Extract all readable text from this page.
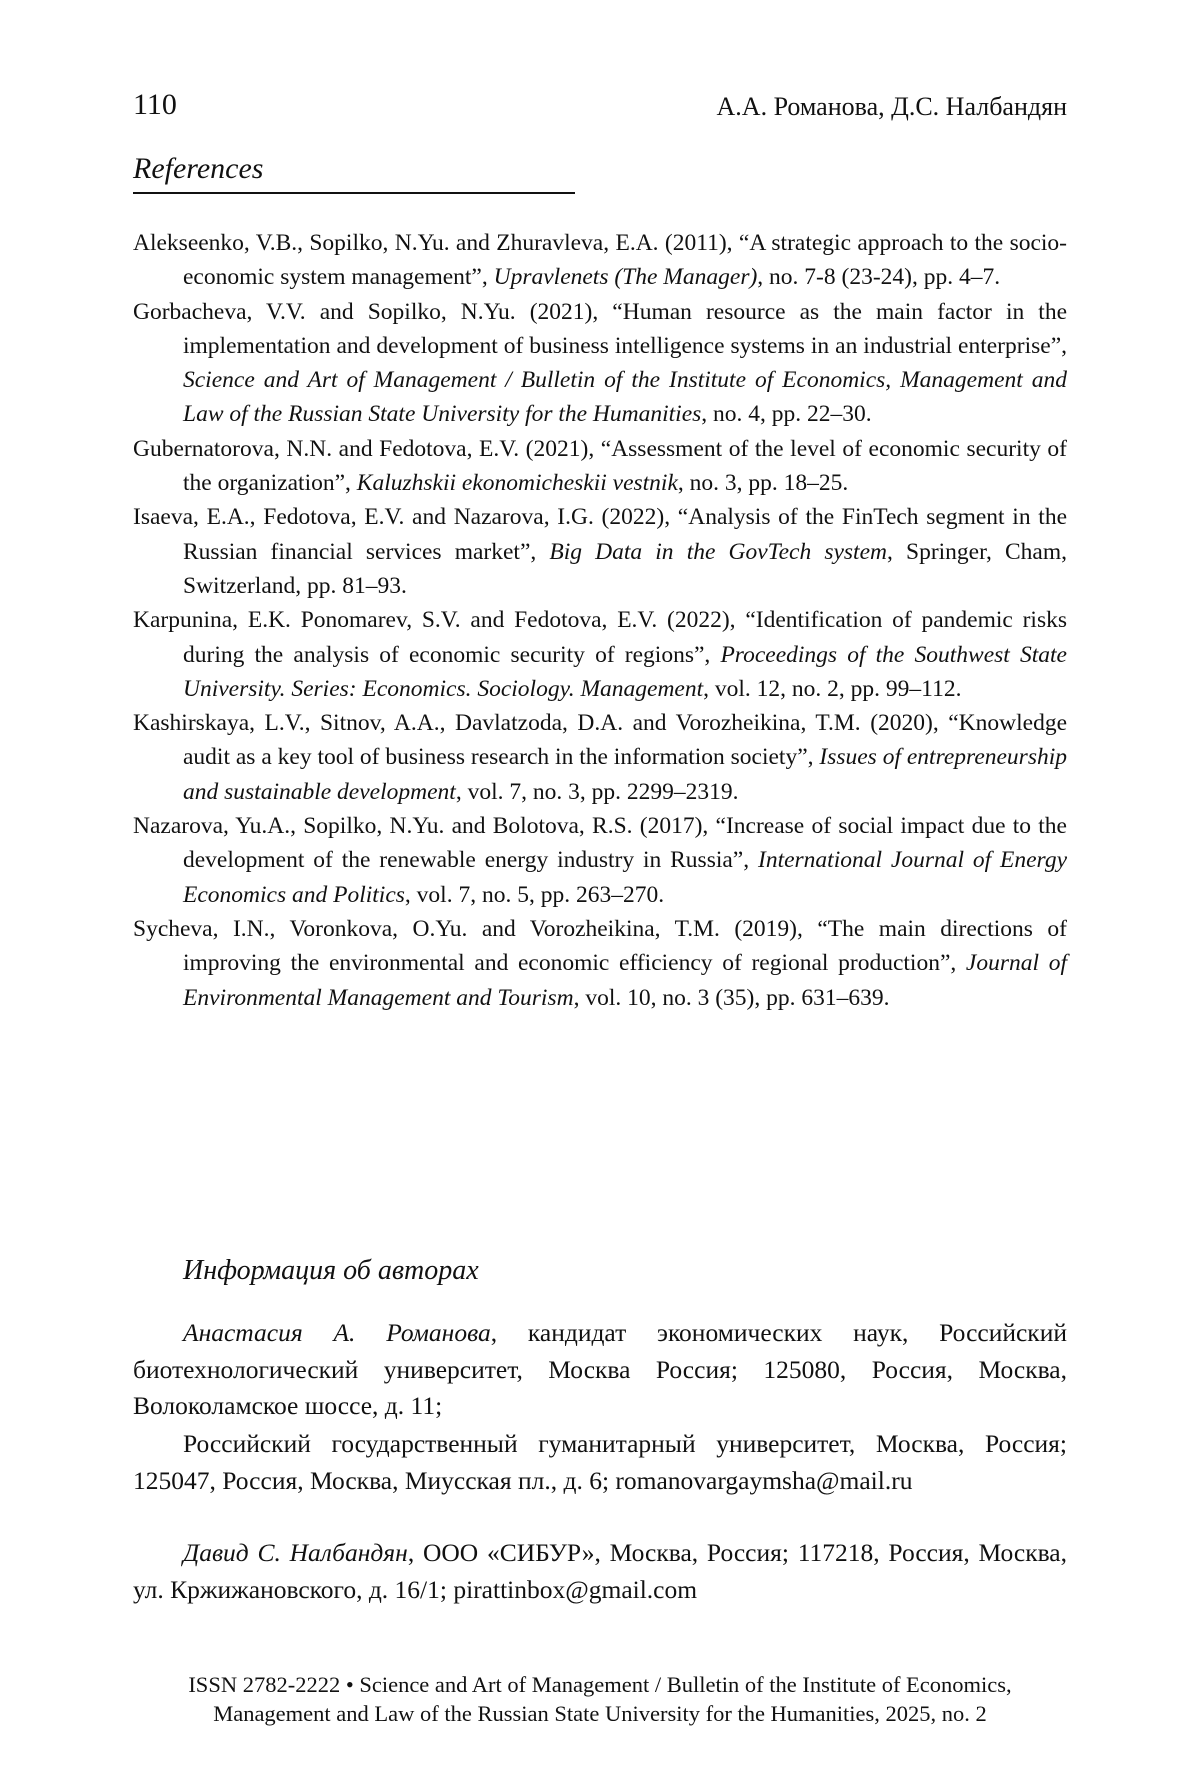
110	А.А. Романова, Д.С. Налбандян
References
Alekseenko, V.B., Sopilko, N.Yu. and Zhuravleva, E.A. (2011), “A strategic approach to the socio-economic system management”, Upravlenets (The Manager), no. 7-8 (23-24), pp. 4–7.
Gorbacheva, V.V. and Sopilko, N.Yu. (2021), “Human resource as the main factor in the implementation and development of business intelligence systems in an industrial enterprise”, Science and Art of Management / Bulletin of the Institute of Economics, Management and Law of the Russian State University for the Humanities, no. 4, pp. 22–30.
Gubernatorova, N.N. and Fedotova, E.V. (2021), “Assessment of the level of economic security of the organization”, Kaluzhskii ekonomicheskii vestnik, no. 3, pp. 18–25.
Isaeva, E.A., Fedotova, E.V. and Nazarova, I.G. (2022), “Analysis of the FinTech segment in the Russian financial services market”, Big Data in the GovTech system, Springer, Cham, Switzerland, pp. 81–93.
Karpunina, E.K. Ponomarev, S.V. and Fedotova, E.V. (2022), “Identification of pandemic risks during the analysis of economic security of regions”, Proceedings of the Southwest State University. Series: Economics. Sociology. Management, vol. 12, no. 2, pp. 99–112.
Kashirskaya, L.V., Sitnov, A.A., Davlatzoda, D.A. and Vorozheikina, T.M. (2020), “Knowledge audit as a key tool of business research in the information society”, Issues of entrepreneurship and sustainable development, vol. 7, no. 3, pp. 2299–2319.
Nazarova, Yu.A., Sopilko, N.Yu. and Bolotova, R.S. (2017), “Increase of social impact due to the development of the renewable energy industry in Russia”, International Journal of Energy Economics and Politics, vol. 7, no. 5, pp. 263–270.
Sycheva, I.N., Voronkova, O.Yu. and Vorozheikina, T.M. (2019), “The main directions of improving the environmental and economic efficiency of regional production”, Journal of Environmental Management and Tourism, vol. 10, no. 3 (35), pp. 631–639.
Информация об авторах

Анастасия А. Романова, кандидат экономических наук, Российский биотехнологический университет, Москва Россия; 125080, Россия, Москва, Волоколамское шоссе, д. 11;

Российский государственный гуманитарный университет, Москва, Россия; 125047, Россия, Москва, Миусская пл., д. 6; romanovargaymsha@mail.ru

Давид С. Налбандян, ООО «СИБУР», Москва, Россия; 117218, Россия, Москва, ул. Кржижановского, д. 16/1; pirattinbox@gmail.com

ISSN 2782-2222 • Science and Art of Management / Bulletin of the Institute of Economics,
Management and Law of the Russian State University for the Humanities, 2025, no. 2
